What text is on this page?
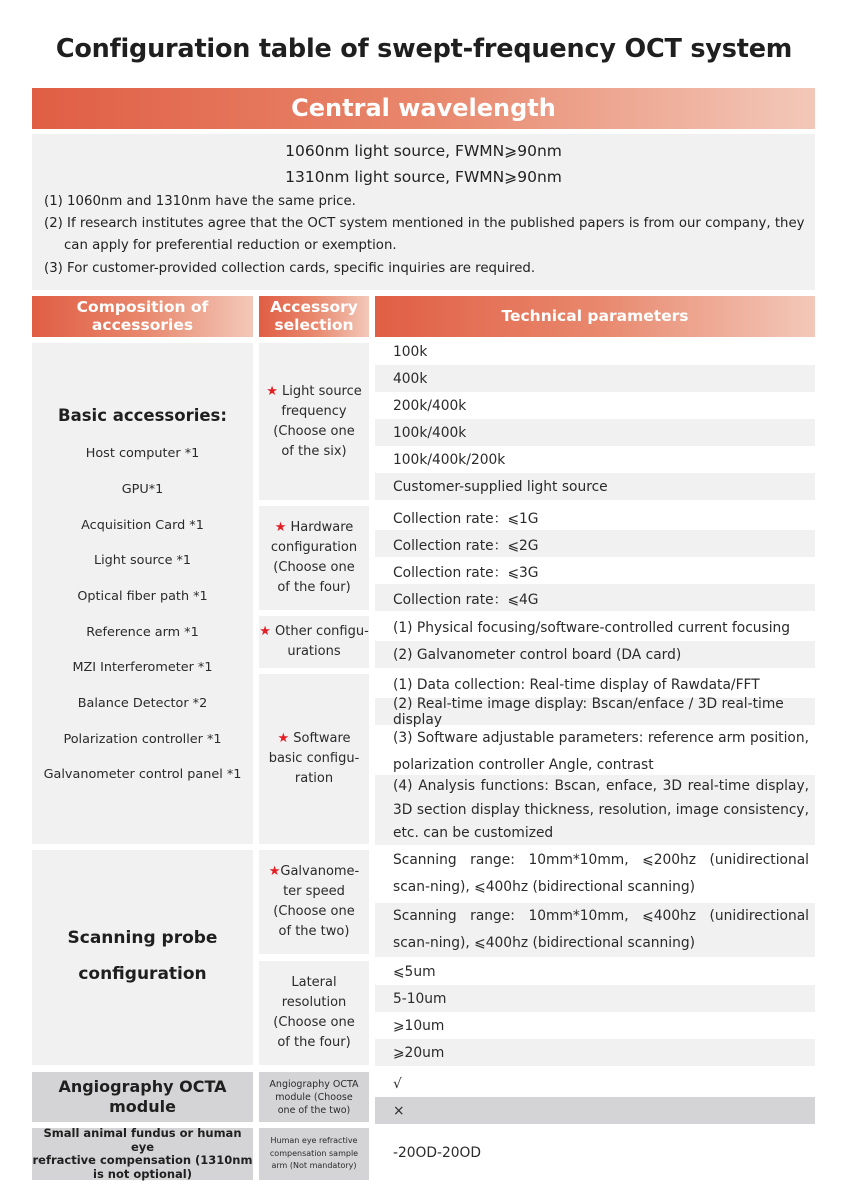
Configuration table of swept-frequency OCT system
Central wavelength
1060nm light source, FWMN⩾90nm
1310nm light source, FWMN⩾90nm
(1) 1060nm and 1310nm have the same price.
(2) If research institutes agree that the OCT system mentioned in the published papers is from our company, they
can apply for preferential reduction or exemption.
(3) For customer-provided collection cards, specific inquiries are required.
Composition of accessories
Accessory
selection	Technical parameters
Basic accessories:
Host computer *1
GPU*1
Acquisition Card *1
Light source *1
Optical fiber path *1
Reference arm *1
MZI Interferometer *1
Balance Detector *2
Polarization controller *1
Galvanometer control panel *1
★ Light source
frequency
(Choose one
of the six)
★ Hardware
configuration
(Choose one
of the four)
★ Other configu-
urations
★ Software
basic configu-
ration
100k
400k
200k/400k
100k/400k
100k/400k/200k
Customer-supplied light source
Collection rate：⩽1G
Collection rate：⩽2G
Collection rate：⩽3G
Collection rate：⩽4G
(1) Physical focusing/software-controlled current focusing
(2) Galvanometer control board (DA card)
(1) Data collection: Real-time display of Rawdata/FFT
(2) Real-time image display: Bscan/enface / 3D real-time display
(3) Software adjustable parameters: reference arm position, polarization controller Angle, contrast
(4) Analysis functions: Bscan, enface, 3D real-time display, 3D section display thickness, resolution, image consistency, etc. can be customized
Scanning probe
configuration
★Galvanome-
ter speed
(Choose one
of the two)
Lateral
resolution
(Choose one
of the four)
Scanning range: 10mm*10mm, ⩽200hz (unidirectional scan-ning), ⩽400hz (bidirectional scanning)
Scanning range: 10mm*10mm, ⩽400hz (unidirectional scan-ning), ⩽400hz (bidirectional scanning)
⩽5um
5-10um
⩾10um
⩾20um
Angiography OCTA
module
Angiography OCTA
module (Choose
one of the two)
√
×
Small animal fundus or human eye
refractive compensation (1310nm
is not optional)
Human eye refractive
compensation sample
arm (Not mandatory)
-20OD-20OD
